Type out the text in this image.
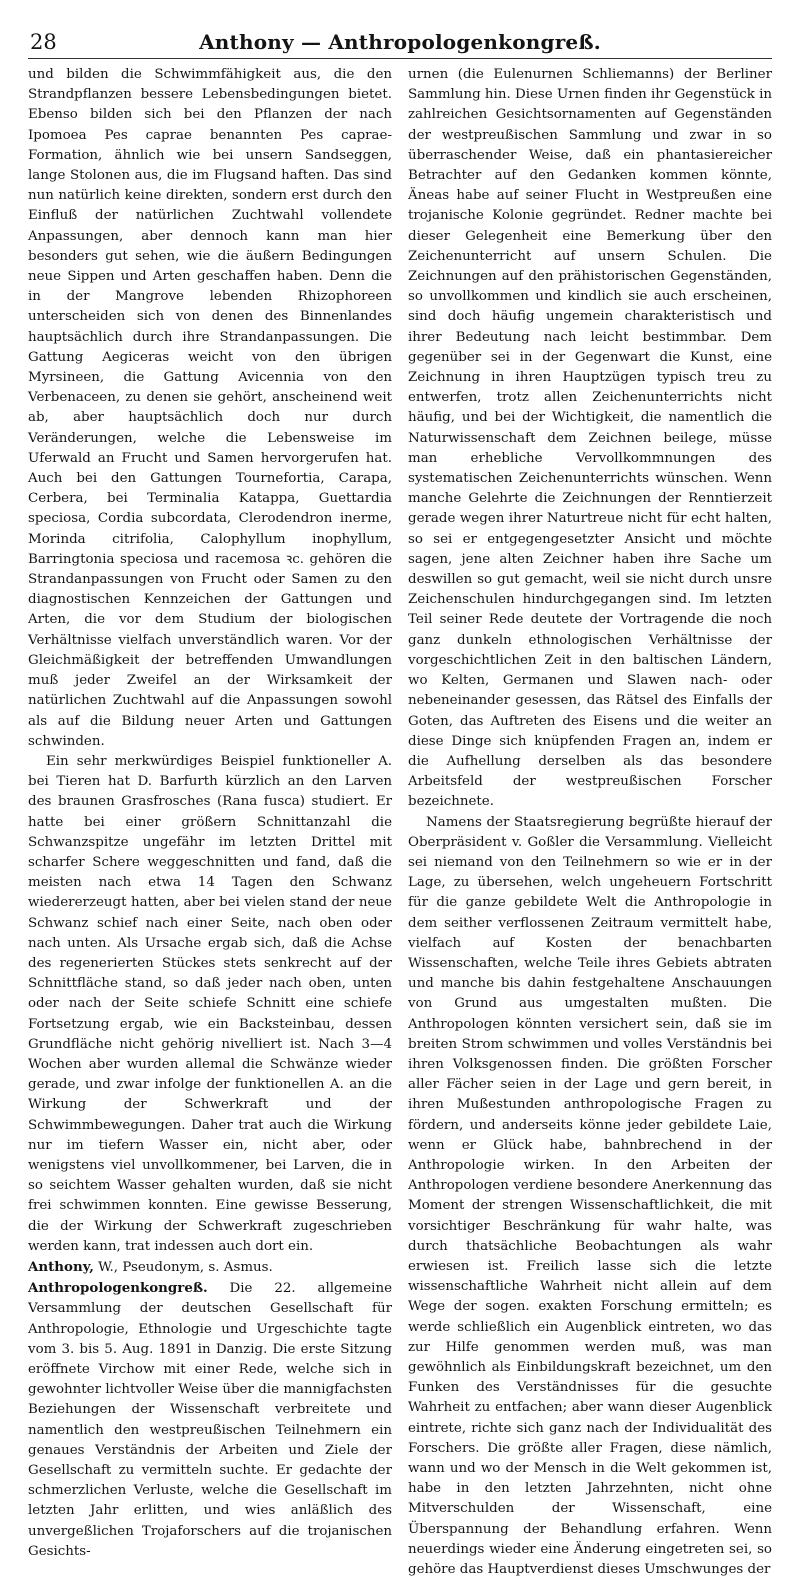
28	Anthony — Anthropologenkongreß.

und bilden die Schwimmfähigkeit aus, die den Strandpflanzen bessere Lebensbedingungen bietet. Ebenso bilden sich bei den Pflanzen der nach Ipomoea Pes caprae benannten Pes caprae-Formation, ähnlich wie bei unsern Sandseggen, lange Stolonen aus, die im Flugsand haften. Das sind nun natürlich keine direkten, sondern erst durch den Einfluß der natürlichen Zuchtwahl vollendete Anpassungen, aber dennoch kann man hier besonders gut sehen, wie die äußern Bedingungen neue Sippen und Arten geschaffen haben. Denn die in der Mangrove lebenden Rhizophoreen unterscheiden sich von denen des Binnenlandes hauptsächlich durch ihre Strandanpassungen. Die Gattung Aegiceras weicht von den übrigen Myrsineen, die Gattung Avicennia von den Verbenaceen, zu denen sie gehört, anscheinend weit ab, aber hauptsächlich doch nur durch Veränderungen, welche die Lebensweise im Uferwald an Frucht und Samen hervorgerufen hat. Auch bei den Gattungen Tournefortia, Carapa, Cerbera, bei Terminalia Katappa, Guettardia speciosa, Cordia subcordata, Clerodendron inerme, Morinda citrifolia, Calophyllum inophyllum, Barringtonia speciosa und racemosa ꝛc. gehören die Strandanpassungen von Frucht oder Samen zu den diagnostischen Kennzeichen der Gattungen und Arten, die vor dem Studium der biologischen Verhältnisse vielfach unverständlich waren. Vor der Gleichmäßigkeit der betreffenden Umwandlungen muß jeder Zweifel an der Wirksamkeit der natürlichen Zuchtwahl auf die Anpassungen sowohl als auf die Bildung neuer Arten und Gattungen schwinden.

Ein sehr merkwürdiges Beispiel funktioneller A. bei Tieren hat D. Barfurth kürzlich an den Larven des braunen Grasfrosches (Rana fusca) studiert. Er hatte bei einer größern Schnittanzahl die Schwanzspitze ungefähr im letzten Drittel mit scharfer Schere weggeschnitten und fand, daß die meisten nach etwa 14 Tagen den Schwanz wiedererzeugt hatten, aber bei vielen stand der neue Schwanz schief nach einer Seite, nach oben oder nach unten. Als Ursache ergab sich, daß die Achse des regenerierten Stückes stets senkrecht auf der Schnittfläche stand, so daß jeder nach oben, unten oder nach der Seite schiefe Schnitt eine schiefe Fortsetzung ergab, wie ein Backsteinbau, dessen Grundfläche nicht gehörig nivelliert ist. Nach 3—4 Wochen aber wurden allemal die Schwänze wieder gerade, und zwar infolge der funktionellen A. an die Wirkung der Schwerkraft und der Schwimmbewegungen. Daher trat auch die Wirkung nur im tiefern Wasser ein, nicht aber, oder wenigstens viel unvollkommener, bei Larven, die in so seichtem Wasser gehalten wurden, daß sie nicht frei schwimmen konnten. Eine gewisse Besserung, die der Wirkung der Schwerkraft zugeschrieben werden kann, trat indessen auch dort ein.

Anthony, W., Pseudonym, s. Asmus.

Anthropologenkongreß. Die 22. allgemeine Versammlung der deutschen Gesellschaft für Anthropologie, Ethnologie und Urgeschichte tagte vom 3. bis 5. Aug. 1891 in Danzig. Die erste Sitzung eröffnete Virchow mit einer Rede, welche sich in gewohnter lichtvoller Weise über die mannigfachsten Beziehungen der Wissenschaft verbreitete und namentlich den westpreußischen Teilnehmern ein genaues Verständnis der Arbeiten und Ziele der Gesellschaft zu vermitteln suchte. Er gedachte der schmerzlichen Verluste, welche die Gesellschaft im letzten Jahr erlitten, und wies anläßlich des unvergeßlichen Trojaforschers auf die trojanischen Gesichts-

urnen (die Eulenurnen Schliemanns) der Berliner Sammlung hin. Diese Urnen finden ihr Gegenstück in zahlreichen Gesichtsornamenten auf Gegenständen der westpreußischen Sammlung und zwar in so überraschender Weise, daß ein phantasiereicher Betrachter auf den Gedanken kommen könnte, Äneas habe auf seiner Flucht in Westpreußen eine trojanische Kolonie gegründet. Redner machte bei dieser Gelegenheit eine Bemerkung über den Zeichenunterricht auf unsern Schulen. Die Zeichnungen auf den prähistorischen Gegenständen, so unvollkommen und kindlich sie auch erscheinen, sind doch häufig ungemein charakteristisch und ihrer Bedeutung nach leicht bestimmbar. Dem gegenüber sei in der Gegenwart die Kunst, eine Zeichnung in ihren Hauptzügen typisch treu zu entwerfen, trotz allen Zeichenunterrichts nicht häufig, und bei der Wichtigkeit, die namentlich die Naturwissenschaft dem Zeichnen beilege, müsse man erhebliche Vervollkommnungen des systematischen Zeichenunterrichts wünschen. Wenn manche Gelehrte die Zeichnungen der Renntierzeit gerade wegen ihrer Naturtreue nicht für echt halten, so sei er entgegengesetzter Ansicht und möchte sagen, jene alten Zeichner haben ihre Sache um deswillen so gut gemacht, weil sie nicht durch unsre Zeichenschulen hindurchgegangen sind. Im letzten Teil seiner Rede deutete der Vortragende die noch ganz dunkeln ethnologischen Verhältnisse der vorgeschichtlichen Zeit in den baltischen Ländern, wo Kelten, Germanen und Slawen nach- oder nebeneinander gesessen, das Rätsel des Einfalls der Goten, das Auftreten des Eisens und die weiter an diese Dinge sich knüpfenden Fragen an, indem er die Aufhellung derselben als das besondere Arbeitsfeld der westpreußischen Forscher bezeichnete.

Namens der Staatsregierung begrüßte hierauf der Oberpräsident v. Goßler die Versammlung. Vielleicht sei niemand von den Teilnehmern so wie er in der Lage, zu übersehen, welch ungeheuern Fortschritt für die ganze gebildete Welt die Anthropologie in dem seither verflossenen Zeitraum vermittelt habe, vielfach auf Kosten der benachbarten Wissenschaften, welche Teile ihres Gebiets abtraten und manche bis dahin festgehaltene Anschauungen von Grund aus umgestalten mußten. Die Anthropologen könnten versichert sein, daß sie im breiten Strom schwimmen und volles Verständnis bei ihren Volksgenossen finden. Die größten Forscher aller Fächer seien in der Lage und gern bereit, in ihren Mußestunden anthropologische Fragen zu fördern, und anderseits könne jeder gebildete Laie, wenn er Glück habe, bahnbrechend in der Anthropologie wirken. In den Arbeiten der Anthropologen verdiene besondere Anerkennung das Moment der strengen Wissenschaftlichkeit, die mit vorsichtiger Beschränkung für wahr halte, was durch thatsächliche Beobachtungen als wahr erwiesen ist. Freilich lasse sich die letzte wissenschaftliche Wahrheit nicht allein auf dem Wege der sogen. exakten Forschung ermitteln; es werde schließlich ein Augenblick eintreten, wo das zur Hilfe genommen werden muß, was man gewöhnlich als Einbildungskraft bezeichnet, um den Funken des Verständnisses für die gesuchte Wahrheit zu entfachen; aber wann dieser Augenblick eintrete, richte sich ganz nach der Individualität des Forschers. Die größte aller Fragen, diese nämlich, wann und wo der Mensch in die Welt gekommen ist, habe in den letzten Jahrzehnten, nicht ohne Mitverschulden der Wissenschaft, eine Überspannung der Behandlung erfahren. Wenn neuerdings wieder eine Änderung eingetreten sei, so gehöre das Hauptverdienst dieses Umschwunges der
